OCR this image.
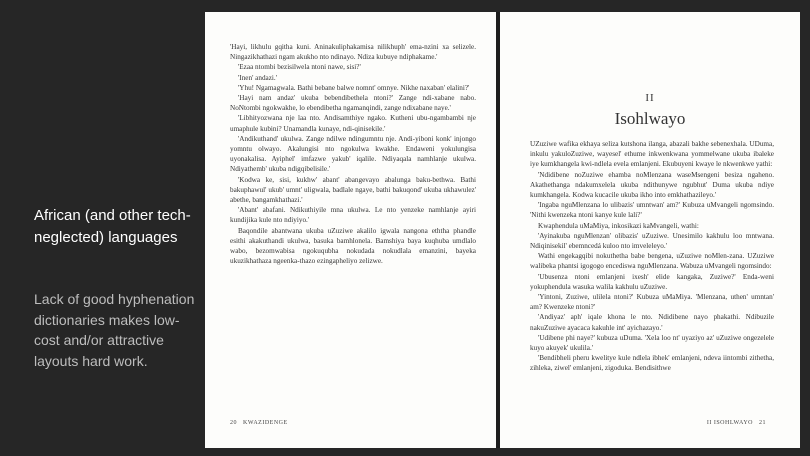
African (and other tech-neglected) languages
Lack of good hyphenation dictionaries makes low-cost and/or attractive layouts hard work.

'Hayi, likhulu gqitha kuni. Aninakuliphakamisa nilikhuph' ema-nzini xa selizele. Ningazikhathazi ngam akukho nto ndinayo. Ndiza kubuye ndiphakame.'

'Ezaa ntombi bezisilwela ntoni nawe, sisi?'

'Inen' andazi.'

'Yhu! Ngamagwala. Bathi bebane balwe nomnt' omnye. Nikhe naxaban' elalini?'

'Hayi nam andaz' ukuba bebendibethela ntoni?' Zange ndi-xabane nabo. NoNtombi ngokwakhe, lo ebendibetha ngamanqindi, zange ndixabane naye.'

'Libhityozwana nje laa nto. Andisamthiye ngako. Kutheni ubu-ngambambi nje umaphule kubini? Unamandla kunaye, ndi-qinisekile.'

'Andikuthand' ukulwa. Zange ndilwe ndingumntu nje. Andi-yiboni konk' injongo yomntu olwayo. Akalungisi nto ngokulwa kwakhe. Endaweni yokulungisa uyonakalisa. Ayiphel' imfazwe yakub' iqalile. Ndiyaqala namhlanje ukulwa. Ndiyathemb' ukuba ndigqibelisile.'

'Kodwa ke, sisi, kukhw' abant' abangevayo abalunga baku-bethwa. Bathi bakuphawul' ukub' umnt' uligwala, badlale ngaye, bathi bakuqond' ukuba ukhawulez' abethe, bangamkhathazi.'

'Abant' abafani. Ndikuthiyile mna ukulwa. Le nto yenzeke namhlanje ayiri kundijika kule nto ndiyiyo.'

Baqondile abantwana ukuba uZuziwe akalilo igwala nangona eththa phandle esithi akakuthandi ukulwa, basuka bamhlonela. Bamshiya baya kuqhuba umdlalo wabo, bezomwabisa ngokuqubha nokudada nokudlala emanzini, bayeka ukuzikhathaza ngeenka-thazo ezingapheliyo zelizwe.

20 KWAZIDENGE
II
Isohlwayo

UZuziwe wafika ekhaya seliza kutshona ilanga, abazali bakhe sebenexhala. UDuma, inkulu yakuloZuziwe, wayesel' ethume inkwenkwana yommelwane ukuba ibaleke iye kumkhangela kwi-ndlela evela emlanjeni. Ekubuyeni kwaye le nkwenkwe yathi:

'Ndidibene noZuziwe ehamba noMlenzana waseMsengeni besiza ngaheno. Akathethanga ndakumxelela ukuba ndithunywe ngubhut' Duma ukuba ndiye kumkhangela. Kodwa kucacile ukuba ikho into emkhathazileyo.'

'Ingaba nguMlenzana lo ulibazis' umntwan' am?' Kubuza uMvangeli ngomsindo. 'Nithi kwenzeka ntoni kanye kule lali?'

Kwaphendula uMaMiya, inkosikazi kaMvangeli, wathi:

'Ayinakuba nguMlenzan' olibazis' uZuziwe. Unesimilo kakhulu loo mntwana. Ndiqinisekil' ebemncedá kuloo nto imveleleyo.'

Wathi engekagqibi nokuthetha babe bengena, uZuziwe noMlen-zana. UZuziwe walibeka phantsi igogogo encediswa nguMlenzana. Wabuza uMvangeli ngomsindo:

'Ubusenza ntoni emlanjeni ixesh' elide kangaka, Zuziwe?' Enda-weni yokuphendula wasuka walila kakhulu uZuziwe.

'Yintoni, Zuziwe, ulilela ntoni?' Kubuza uMaMiya. 'Mlenzana, uthen' umntan' am? Kwenzeke ntoni?'

'Andiyaz' aph' iqale khona le nto. Ndidibene nayo phakathi. Ndibuzile nakuZuziwe ayacaca kakuhle int' ayichazayo.'

'Udibene phi naye?' kubuza uDuma. 'Xela loo nt' uyaziyo az' uZuziwe ongezelele kuyo akuyek' ukulila.'

'Bendibheli pheru kwelitye kule ndlela ibhek' emlanjeni, ndeva iintombi zithetha, zihleka, ziwel' emlanjeni, zigoduka. Bendisithwe

II ISOHLWAYO 21
